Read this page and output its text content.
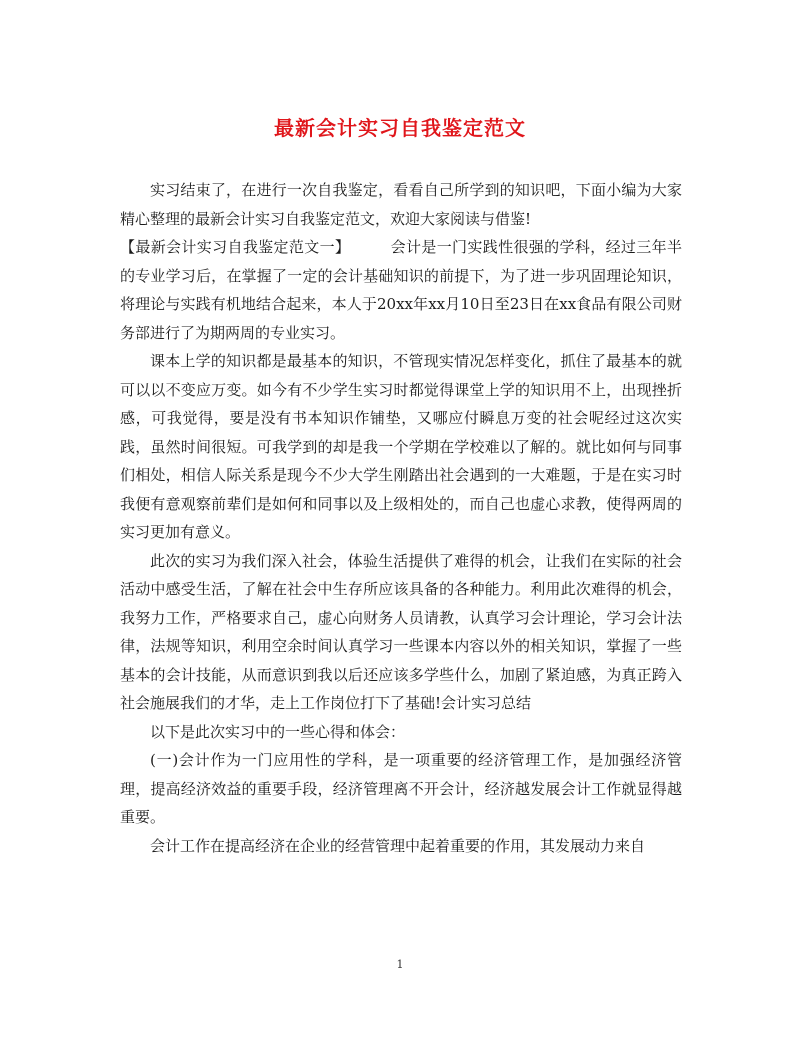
最新会计实习自我鉴定范文

实习结束了，在进行一次自我鉴定，看看自己所学到的知识吧，下面小编为大家精心整理的最新会计实习自我鉴定范文，欢迎大家阅读与借鉴!

【最新会计实习自我鉴定范文一】	会计是一门实践性很强的学科，经过三年半的专业学习后，在掌握了一定的会计基础知识的前提下，为了进一步巩固理论知识，将理论与实践有机地结合起来，本人于20xx年xx月10日至23日在xx食品有限公司财务部进行了为期两周的专业实习。

课本上学的知识都是最基本的知识，不管现实情况怎样变化，抓住了最基本的就可以以不变应万变。如今有不少学生实习时都觉得课堂上学的知识用不上，出现挫折感，可我觉得，要是没有书本知识作铺垫，又哪应付瞬息万变的社会呢经过这次实践，虽然时间很短。可我学到的却是我一个学期在学校难以了解的。就比如何与同事们相处，相信人际关系是现今不少大学生刚踏出社会遇到的一大难题，于是在实习时我便有意观察前辈们是如何和同事以及上级相处的，而自己也虚心求教，使得两周的实习更加有意义。

此次的实习为我们深入社会，体验生活提供了难得的机会，让我们在实际的社会活动中感受生活，了解在社会中生存所应该具备的各种能力。利用此次难得的机会，我努力工作，严格要求自己，虚心向财务人员请教，认真学习会计理论，学习会计法律，法规等知识，利用空余时间认真学习一些课本内容以外的相关知识，掌握了一些基本的会计技能，从而意识到我以后还应该多学些什么，加剧了紧迫感，为真正跨入社会施展我们的才华，走上工作岗位打下了基础!会计实习总结

以下是此次实习中的一些心得和体会：

(一)会计作为一门应用性的学科，是一项重要的经济管理工作，是加强经济管理，提高经济效益的重要手段，经济管理离不开会计，经济越发展会计工作就显得越重要。

会计工作在提高经济在企业的经营管理中起着重要的作用，其发展动力来自

1
